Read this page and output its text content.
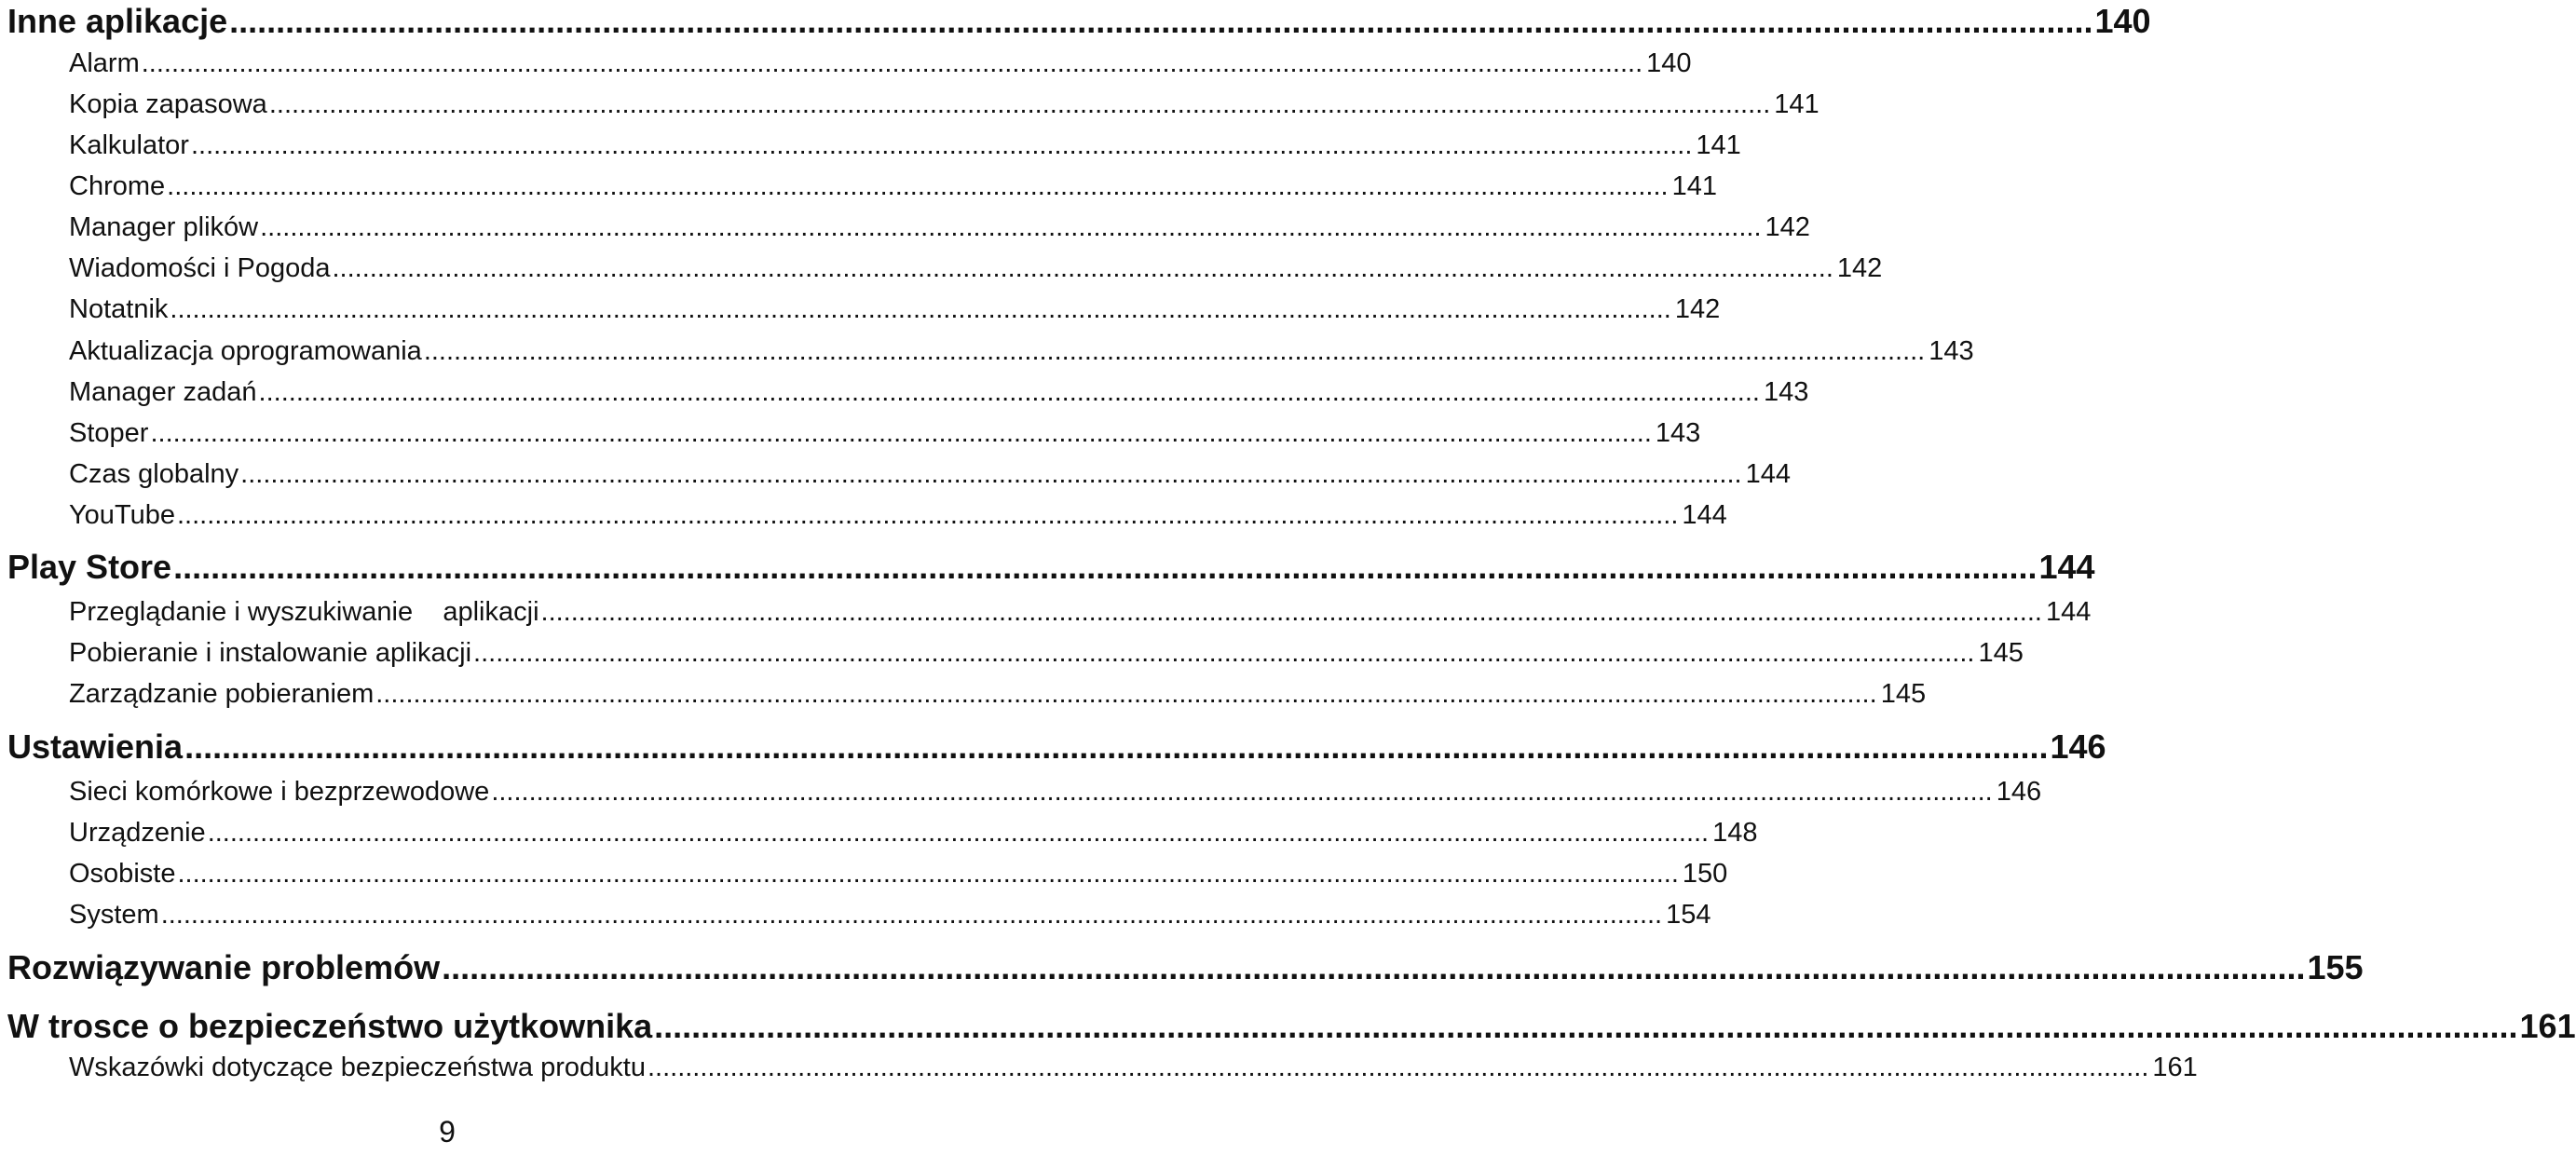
Inne aplikacje ........................................................................................................................................................................................................ 140
Alarm ........................................................................................................................................................................................................ 140
Kopia zapasowa ........................................................................................................................................................................................................ 141
Kalkulator ........................................................................................................................................................................................................ 141
Chrome ........................................................................................................................................................................................................ 141
Manager plików ........................................................................................................................................................................................................ 142
Wiadomości i Pogoda ........................................................................................................................................................................................................ 142
Notatnik ........................................................................................................................................................................................................ 142
Aktualizacja oprogramowania ........................................................................................................................................................................................................ 143
Manager zadań ........................................................................................................................................................................................................ 143
Stoper ........................................................................................................................................................................................................ 143
Czas globalny ........................................................................................................................................................................................................ 144
YouTube ........................................................................................................................................................................................................ 144
Play Store ........................................................................................................................................................................................................ 144
Przeglądanie i wyszukiwanie    aplikacji ........................................................................................................................................................................................................ 144
Pobieranie i instalowanie aplikacji ........................................................................................................................................................................................................ 145
Zarządzanie pobieraniem ........................................................................................................................................................................................................ 145
Ustawienia ........................................................................................................................................................................................................ 146
Sieci komórkowe i bezprzewodowe ........................................................................................................................................................................................................ 146
Urządzenie ........................................................................................................................................................................................................ 148
Osobiste ........................................................................................................................................................................................................ 150
System ........................................................................................................................................................................................................ 154
Rozwiązywanie problemów ........................................................................................................................................................................................................ 155
W trosce o bezpieczeństwo użytkownika ........................................................................................................................................................................................................ 161
Wskazówki dotyczące bezpieczeństwa produktu ........................................................................................................................................................................................................ 161
9
